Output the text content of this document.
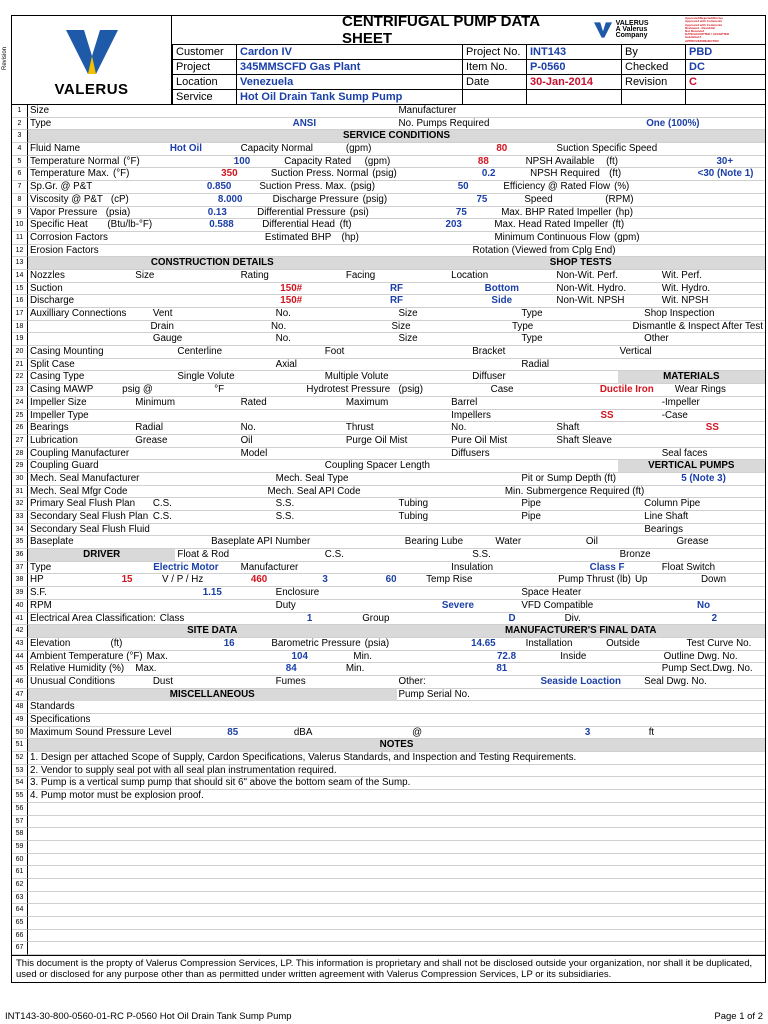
Revision
VALERUS
CENTRIFUGAL PUMP DATA SHEET
VALERUS
A Valerus Company
Approved/Rejected/Revise
Approved with Comments
Approved with Comments
Reviewed - Resubmit
Not Received
DATE/ACCEPTED / ACCEPTED
Submittal #
APPROVED/REJECTED
Customer	Cardon IV	Project No. INT143	By	PBD
Project	345MMSCFD Gas Plant	Item No.	P-0560	Checked	DC
Location	Venezuela	Date	30-Jan-2014	Revision	C
Service	Hot Oil Drain Tank Sump Pump
1 Size	Manufacturer
2 Type	ANSI	No. Pumps Required	One (100%)
3	SERVICE CONDITIONS
4 Fluid Name	Hot Oil	Capacity Normal	(gpm)	80	Suction Specific Speed
5 Temperature Normal (°F)	100	Capacity Rated	(gpm)	88	NPSH Available	(ft)	30+
6 Temperature Max. (°F)	350	Suction Press. Normal (psig)	0.2	NPSH Required (ft)	<30 (Note 1)
7 Sp.Gr. @ P&T	0.850	Suction Press. Max. (psig)	50	Efficiency @ Rated Flow (%)
8 Viscosity @ P&T (cP)	8.000	Discharge Pressure (psig)	75	Speed	(RPM)
9 Vapor Pressure (psia)	0.13	Differential Pressure (psi)	75	Max. BHP Rated Impeller (hp)
10 Specific Heat	(Btu/lb-°F)	0.588	Differential Head (ft)	203	Max. Head Rated Impeller (ft)
11 Corrosion Factors	Estimated BHP	(hp)	Minimum Continuous Flow (gpm)
12 Erosion Factors	Rotation (Viewed from Cplg End)
13	CONSTRUCTION DETAILS	SHOP TESTS
14 Nozzles	Size	Rating	Facing	Location	Non-Wit. Perf.	Wit. Perf.
15 Suction	150#	RF	Bottom	Non-Wit. Hydro.	Wit. Hydro.
16 Discharge	150#	RF	Side	Non-Wit. NPSH	Wit. NPSH
17 Auxilliary Connections	Vent	No.	Size	Type	Shop Inspection
18	Drain	No.	Size	Type	Dismantle & Inspect After Test
19	Gauge	No.	Size	Type	Other
20 Casing Mounting	Centerline	Foot	Bracket	Vertical
21 Split Case	Axial	Radial
22 Casing Type	Single Volute	Multiple Volute	Diffuser	MATERIALS
23 Casing MAWP	psig @	°F	Hydrotest Pressure (psig)	Case	Ductile Iron	Wear Rings
24 Impeller Size	Minimum	Rated	Maximum	Barrel	-Impeller
25 Impeller Type	Impellers	SS	-Case
26 Bearings	Radial	No.	Thrust	No.	Shaft	SS
27 Lubrication	Grease	Oil	Purge Oil Mist	Pure Oil Mist	Shaft Sleave
28 Coupling Manufacturer	Model	Diffusers	Seal faces
29 Coupling Guard	Coupling Spacer Length	VERTICAL PUMPS
30 Mech. Seal Manufacturer	Mech. Seal Type	Pit or Sump Depth (ft)	5 (Note 3)
31 Mech. Seal Mfgr Code	Mech. Seal API Code	Min. Submergence Required (ft)
32 Primary Seal Flush Plan	C.S.	S.S.	Tubing	Pipe	Column Pipe
33 Secondary Seal Flush Plan C.S.	S.S.	Tubing	Pipe	Line Shaft
34 Secondary Seal Flush Fluid	Bearings
35 Baseplate	Baseplate API Number	Bearing Lube	Water	Oil	Grease
36	DRIVER	Float & Rod	C.S.	S.S.	Bronze
37 Type	Electric Motor	Manufacturer	Insulation	Class F	Float Switch
38 HP	15	V / P / Hz	460	3	60	Temp Rise	Pump Thrust (lb) Up	Down
39 S.F.	1.15	Enclosure	Space Heater
40 RPM	Duty	Severe	VFD Compatible	No
41 Electrical Area Classification: Class	1	Group	D	Div.	2
42	SITE DATA	MANUFACTURER'S FINAL DATA
43 Elevation	(ft)	16	Barometric Pressure (psia)	14.65	Installation	Outside	Test Curve No.
44 Ambient Temperature (°F) Max.	104	Min.	72.8	Inside	Outline Dwg. No.
45 Relative Humidity (%)	Max.	84	Min.	81	Pump Sect.Dwg. No.
46 Unusual Conditions	Dust	Fumes	Other:	Seaside Loaction	Seal Dwg. No.
47	MISCELLANEOUS	Pump Serial No.
48 Standards
49 Specifications
50 Maximum Sound Pressure Level	85	dBA	@	3	ft
51	NOTES
52 1. Design per attached Scope of Supply, Cardon Specifications, Valerus Standards, and Inspection and Testing Requirements.
53 2. Vendor to supply seal pot with all seal plan instrumentation required.
54 3. Pump is a vertical sump pump that should sit 6" above the bottom seam of the Sump.
55 4. Pump motor must be explosion proof.
56
57
58
59
60
61
62
63
64
65
66
67
This document is the propty of Valerus Compression Services, LP. This information is proprietary and shall not be disclosed outside your organization, nor shall it be duplicated, used or disclosed for any purpose other than as permitted under written agreement with Valerus Compression Services, LP or its subsidiaries.
INT143-30-800-0560-01-RC P-0560 Hot Oil Drain Tank Sump Pump	Page 1 of 2
